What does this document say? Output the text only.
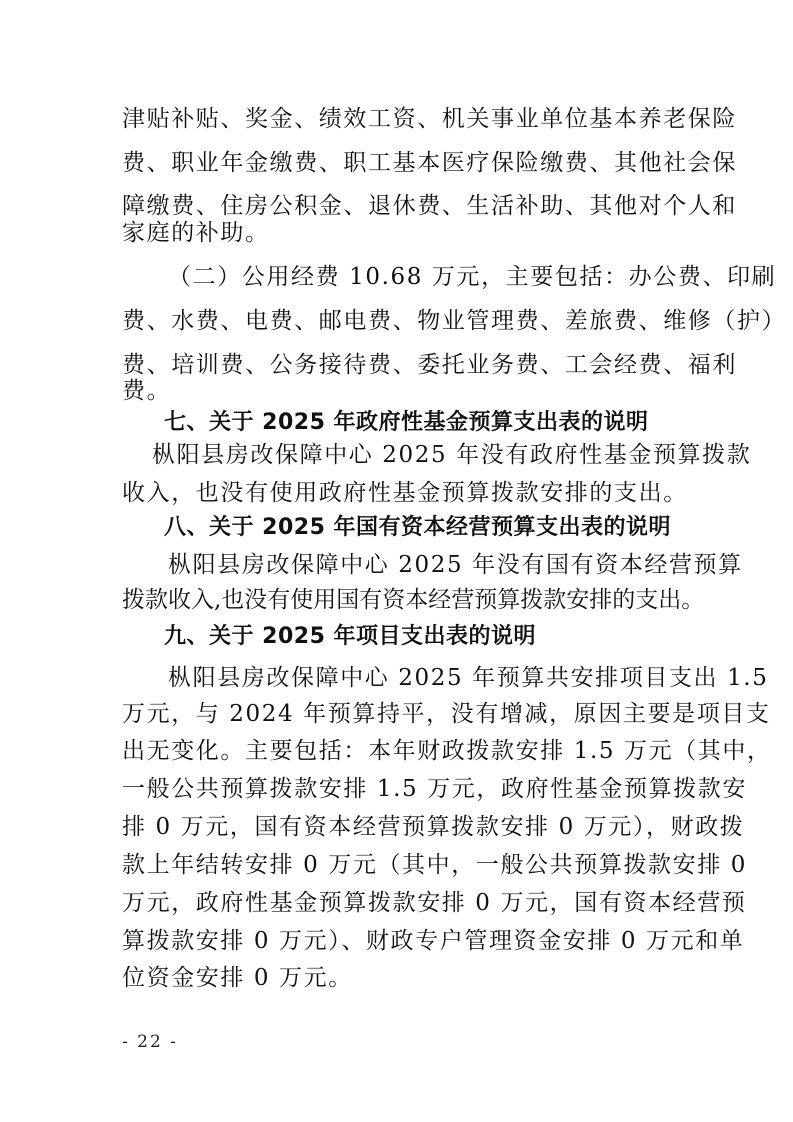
津贴补贴、奖金、绩效工资、机关事业单位基本养老保险
费、职业年金缴费、职工基本医疗保险缴费、其他社会保
障缴费、住房公积金、退休费、生活补助、其他对个人和
家庭的补助。
（二）公用经费 10.68 万元，主要包括：办公费、印刷
费、水费、电费、邮电费、物业管理费、差旅费、维修（护）
费、培训费、公务接待费、委托业务费、工会经费、福利
费。
七、关于 2025 年政府性基金预算支出表的说明
枞阳县房改保障中心 2025 年没有政府性基金预算拨款
收入，也没有使用政府性基金预算拨款安排的支出。
八、关于 2025 年国有资本经营预算支出表的说明
枞阳县房改保障中心 2025 年没有国有资本经营预算
拨款收入,也没有使用国有资本经营预算拨款安排的支出。
九、关于 2025 年项目支出表的说明
枞阳县房改保障中心 2025 年预算共安排项目支出 1.5
万元，与 2024 年预算持平，没有增减，原因主要是项目支
出无变化。主要包括：本年财政拨款安排 1.5 万元（其中，
一般公共预算拨款安排 1.5 万元，政府性基金预算拨款安
排 0 万元，国有资本经营预算拨款安排 0 万元），财政拨
款上年结转安排 0 万元（其中，一般公共预算拨款安排 0
万元，政府性基金预算拨款安排 0 万元，国有资本经营预
算拨款安排 0 万元）、财政专户管理资金安排 0 万元和单
位资金安排 0 万元。
- 22 -
